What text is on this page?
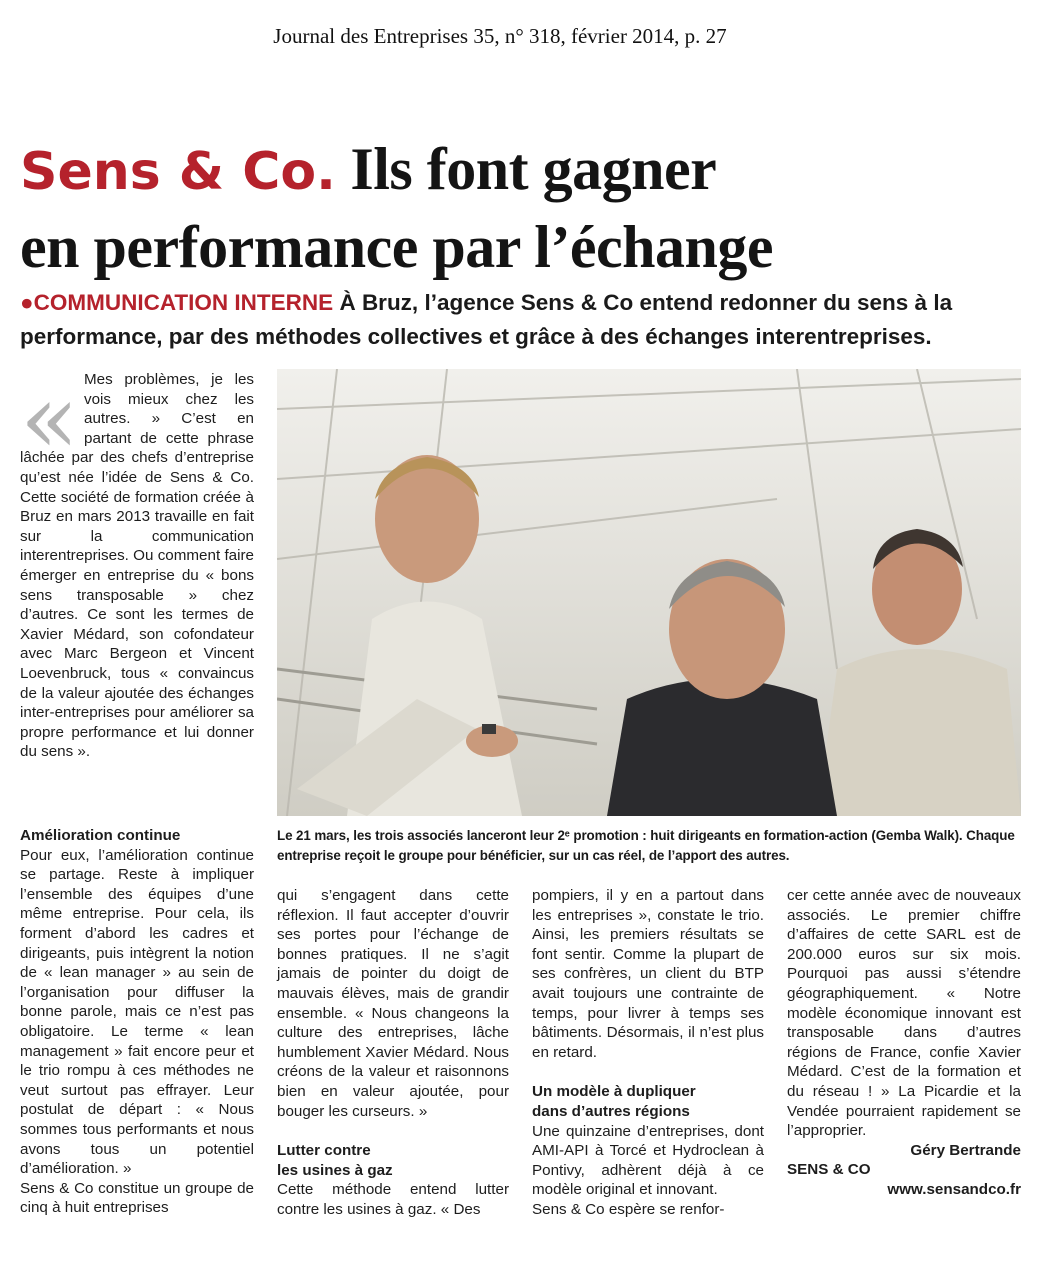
Journal des Entreprises 35, n° 318, février 2014, p. 27
Sens & Co. Ils font gagner
en performance par l’échange
●COMMUNICATION INTERNE À Bruz, l’agence Sens & Co entend redonner du sens à la performance, par des méthodes collectives et grâce à des échanges interentreprises.
« Mes problèmes, je les vois mieux chez les autres. » C’est en partant de cette phrase lâchée par des chefs d’entreprise qu’est née l’idée de Sens & Co. Cette société de formation créée à Bruz en mars 2013 travaille en fait sur la communication interentreprises. Ou comment faire émerger en entreprise du « bons sens transposable » chez d’autres. Ce sont les termes de Xavier Médard, son cofondateur avec Marc Bergeon et Vincent Loevenbruck, tous « convaincus de la valeur ajoutée des échanges inter-entreprises pour améliorer sa propre performance et lui donner du sens ».

Le 21 mars, les trois associés lanceront leur 2ᵉ promotion : huit dirigeants en formation-action (Gemba Walk). Chaque entreprise reçoit le groupe pour bénéficier, sur un cas réel, de l’apport des autres.
Amélioration continue

Pour eux, l’amélioration continue se partage. Reste à impliquer l’ensemble des équipes d’une même entreprise. Pour cela, ils forment d’abord les cadres et dirigeants, puis intègrent la notion de « lean manager » au sein de l’organisation pour diffuser la bonne parole, mais ce n’est pas obligatoire. Le terme « lean management » fait encore peur et le trio rompu à ces méthodes ne veut surtout pas effrayer. Leur postulat de départ : « Nous sommes tous performants et nous avons tous un potentiel d’amélioration. »

Sens & Co constitue un groupe de cinq à huit entreprises

qui s’engagent dans cette réflexion. Il faut accepter d’ouvrir ses portes pour l’échange de bonnes pratiques. Il ne s’agit jamais de pointer du doigt de mauvais élèves, mais de grandir ensemble. « Nous changeons la culture des entreprises, lâche humblement Xavier Médard. Nous créons de la valeur et raisonnons bien en valeur ajoutée, pour bouger les curseurs. »

Lutter contre
les usines à gaz

Cette méthode entend lutter contre les usines à gaz. « Des

pompiers, il y en a partout dans les entreprises », constate le trio. Ainsi, les premiers résultats se font sentir. Comme la plupart de ses confrères, un client du BTP avait toujours une contrainte de temps, pour livrer à temps ses bâtiments. Désormais, il n’est plus en retard.

Un modèle à dupliquer
dans d’autres régions

Une quinzaine d’entreprises, dont AMI-API à Torcé et Hydroclean à Pontivy, adhèrent déjà à ce modèle original et innovant.

Sens & Co espère se renfor-

cer cette année avec de nouveaux associés. Le premier chiffre d’affaires de cette SARL est de 200.000 euros sur six mois. Pourquoi pas aussi s’étendre géographiquement. « Notre modèle économique innovant est transposable dans d’autres régions de France, confie Xavier Médard. C’est de la formation et du réseau ! » La Picardie et la Vendée pourraient rapidement se l’approprier.

Géry Bertrande

SENS & CO

www.sensandco.fr
